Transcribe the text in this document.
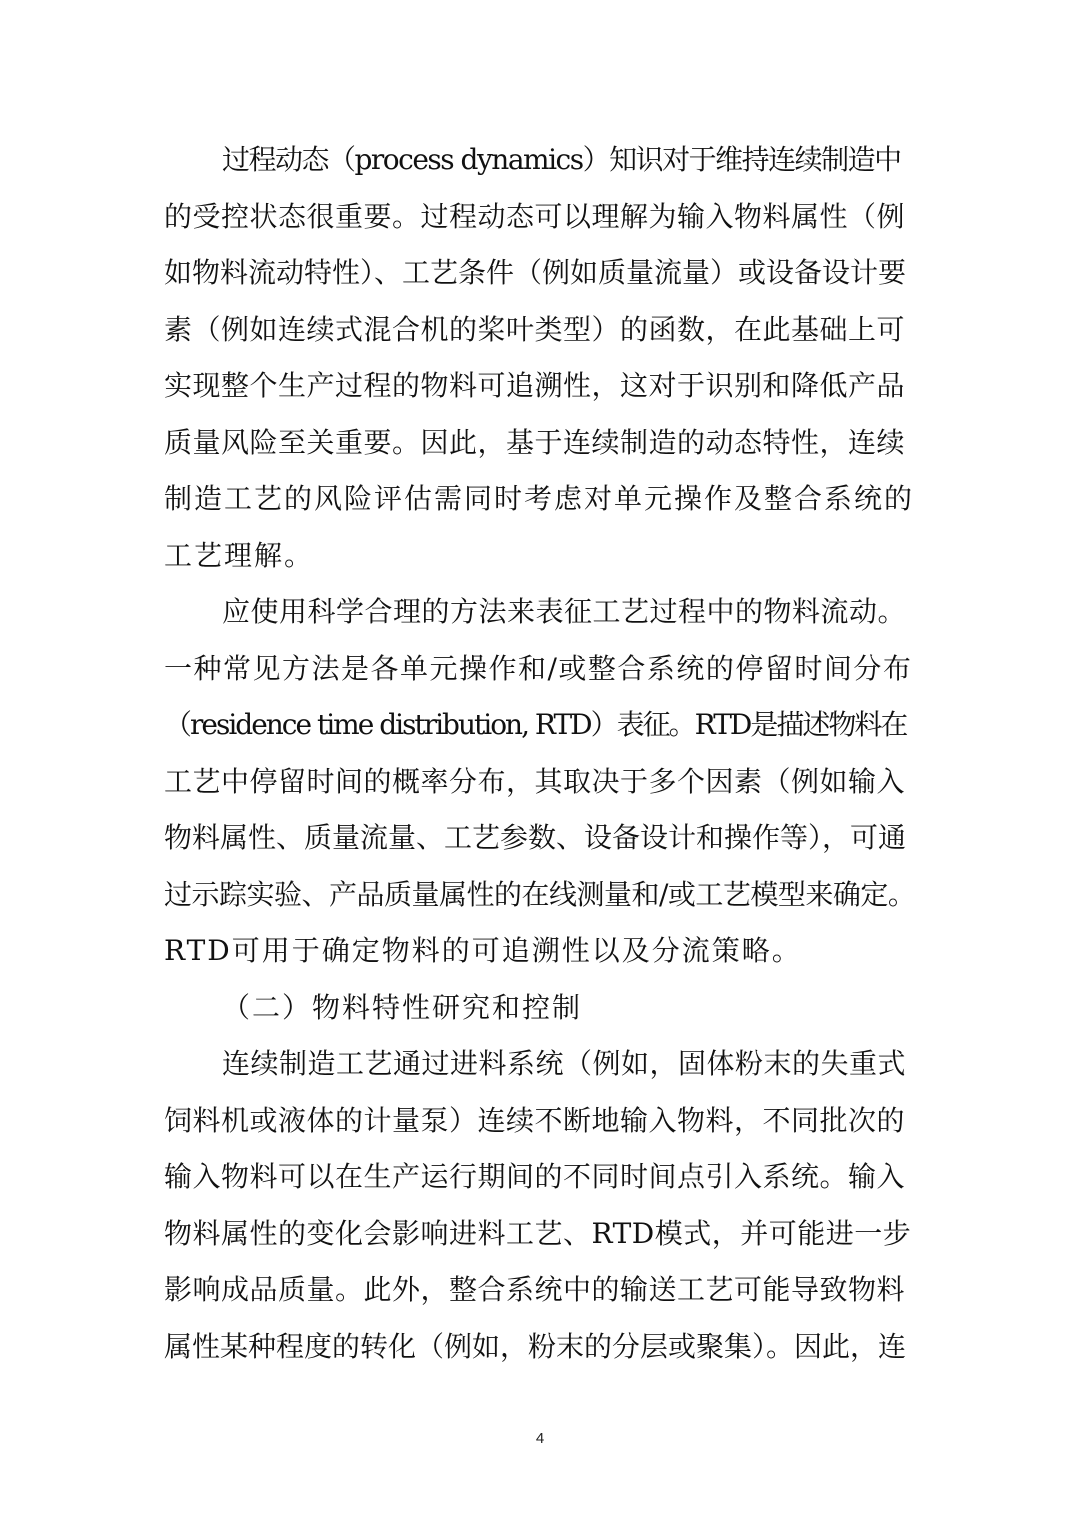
过程动态（process dynamics）知识对于维持连续制造中
的受控状态很重要。过程动态可以理解为输入物料属性（例
如物料流动特性）、工艺条件（例如质量流量）或设备设计要
素（例如连续式混合机的桨叶类型）的函数，在此基础上可
实现整个生产过程的物料可追溯性，这对于识别和降低产品
质量风险至关重要。因此，基于连续制造的动态特性，连续
制造工艺的风险评估需同时考虑对单元操作及整合系统的
工艺理解。
应使用科学合理的方法来表征工艺过程中的物料流动。
一种常见方法是各单元操作和/或整合系统的停留时间分布
（residence time distribution, RTD）表征。RTD是描述物料在
工艺中停留时间的概率分布，其取决于多个因素（例如输入
物料属性、质量流量、工艺参数、设备设计和操作等），可通
过示踪实验、产品质量属性的在线测量和/或工艺模型来确定。
RTD可用于确定物料的可追溯性以及分流策略。
（二）物料特性研究和控制
连续制造工艺通过进料系统（例如，固体粉末的失重式
饲料机或液体的计量泵）连续不断地输入物料，不同批次的
输入物料可以在生产运行期间的不同时间点引入系统。输入
物料属性的变化会影响进料工艺、RTD模式，并可能进一步
影响成品质量。此外，整合系统中的输送工艺可能导致物料
属性某种程度的转化（例如，粉末的分层或聚集）。因此，连
4
